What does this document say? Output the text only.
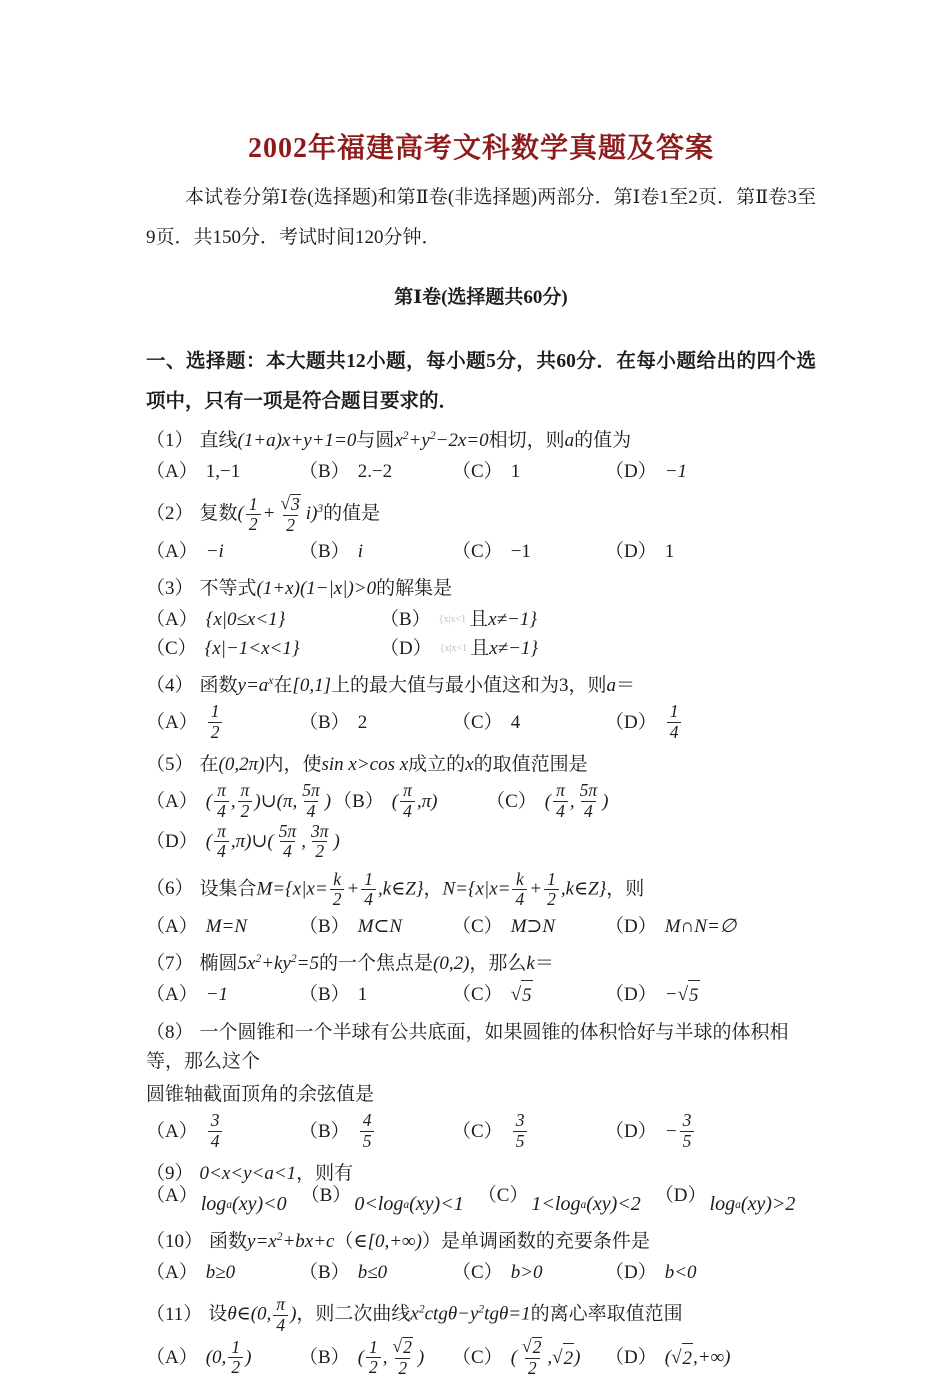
2002年福建高考文科数学真题及答案

本试卷分第Ⅰ卷(选择题)和第Ⅱ卷(非选择题)两部分．第Ⅰ卷1至2页．第Ⅱ卷3至9页．共150分．考试时间120分钟．

第Ⅰ卷(选择题共60分)
一、选择题：本大题共12小题，每小题5分，共60分．在每小题给出的四个选项中，只有一项是符合题目要求的．
（1） 直线(1+a)x+y+1=0与圆$x^2+y^2-2x=0$相切，则a的值为
（A） 1,−1	（B） 2.−2	（C） 1	（D） −1
（2） 复数( $\frac{1}{2} + \frac{√ 3}{2} i)^3$的值是
（A） −i	（B） i	（C） −1	（D） 1
（3） 不等式(1+x)(1−|x|)>0的解集是
（A） {x|0≤x<1}	（B） {x|x<1 且 x≠−1}
（C） {x|−1<x<1}	（D） {x|x<1 且 x≠−1}
（4） 函数$y=a^x$在[0,1]上的最大值与最小值这和为3，则a＝
$(A) \frac{1}{2}$	（B） 2	（C） 4	$(D) \frac{1}{4}$
（5） 在(0,2π)内，使sin x>cos x成立的x的取值范围是
（A） ( $\frac{\pi}{4}$ , $\frac{\pi}{2}$ )∪(π, $\frac{5\pi}{4}$ ) （B） ( $\frac{\pi}{4} ,\pi$)	（C） ( $\frac{\pi}{4}$ , $\frac{5\pi}{4}$ )
（D） ( $\frac{\pi}{4}$ ,π)∪( $\frac{5\pi}{4}$ , $\frac{3\pi}{2}$ )
（6） 设集合$M=\{x|x= \frac{k}{2} + \frac{1}{4}$ ,k∈Z}，$N=\{x|x= \frac{k}{4} + \frac{1}{2}$ ,k∈Z}，则
（A） M=N	（B） M⊂N	（C） M⊃N	（D） M∩N=∅
（7） 椭圆$5x^2+ky^2=5$的一个焦点是(0,2)，那么k＝
（A） −1	（B） 1	（C） √ 5	（D） − √ 5
（8） 一个圆锥和一个半球有公共底面，如果圆锥的体积恰好与半球的体积相等，那么这个
圆锥轴截面顶角的余弦值是
$(A) \frac{3}{4}$	$(B) \frac{4}{5}$	$(C) \frac{3}{5}$	$(D) - \frac{3}{5}$
（9） 0<x<y<a<1，则有
（A） log a (xy)<0 （B） 0<log a (xy)<1 （C） 1<log a (xy)<2 （D） log a (xy)>2
（10） 函数$y=x^2+bx+c(\in[0,+\infty))$是单调函数的充要条件是
（A） b≥0	（B） b≤0	（C） b>0	（D） b<0
（11） 设θ∈(0, $\frac{\pi}{4}$ )，则二次曲线$x^2ctg\theta-y^2tg\theta=1$的离心率取值范围
（A） (0, $\frac{1}{2}$ )	（B） ( $\frac{1}{2}$ , $\frac{√ 2}{2}$ ) （C） ( $\frac{√ 2}{2}$ , √ 2 ) （D） ( √ 2 ,+∞)
